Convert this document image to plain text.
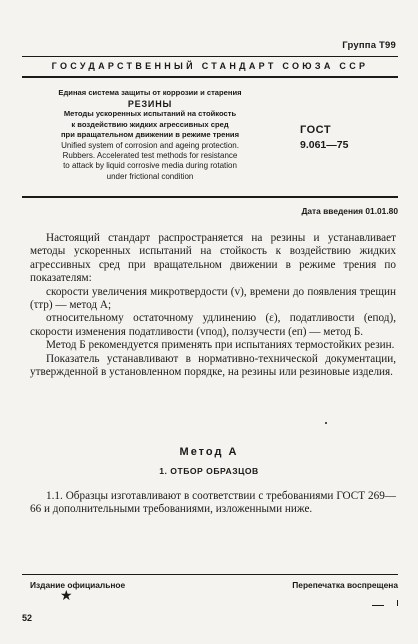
Группа Т99
ГОСУДАРСТВЕННЫЙ СТАНДАРТ СОЮЗА ССР
Единая система защиты от коррозии и старения
РЕЗИНЫ
Методы ускоренных испытаний на стойкость
к воздействию жидких агрессивных сред
при вращательном движении в режиме трения
Unified system of corrosion and ageing protection.
Rubbers. Accelerated test methods for resistance
to attack by liquid corrosive media during rotation
under frictional condition
ГОСТ
9.061—75
Дата введения 01.01.80

Настоящий стандарт распространяется на резины и устанавливает методы ускоренных испытаний на стойкость к воздействию жидких агрессивных сред при вращательном движении в режиме трения по показателям:

скорости увеличения микротвердости (v), времени до появления трещин (τтр) — метод А;

относительному остаточному удлинению (ε), податливости (eпод), скорости изменения податливости (vпод), ползучести (eп) — метод Б.

Метод Б рекомендуется применять при испытаниях термостойких резин.

Показатель устанавливают в нормативно-технической документации, утвержденной в установленном порядке, на резины или резиновые изделия.

Метод А
1. ОТБОР ОБРАЗЦОВ

1.1. Образцы изготавливают в соответствии с требованиями ГОСТ 269—66 и дополнительными требованиями, изложенными ниже.

Издание официальное	Перепечатка воспрещена
★
52
